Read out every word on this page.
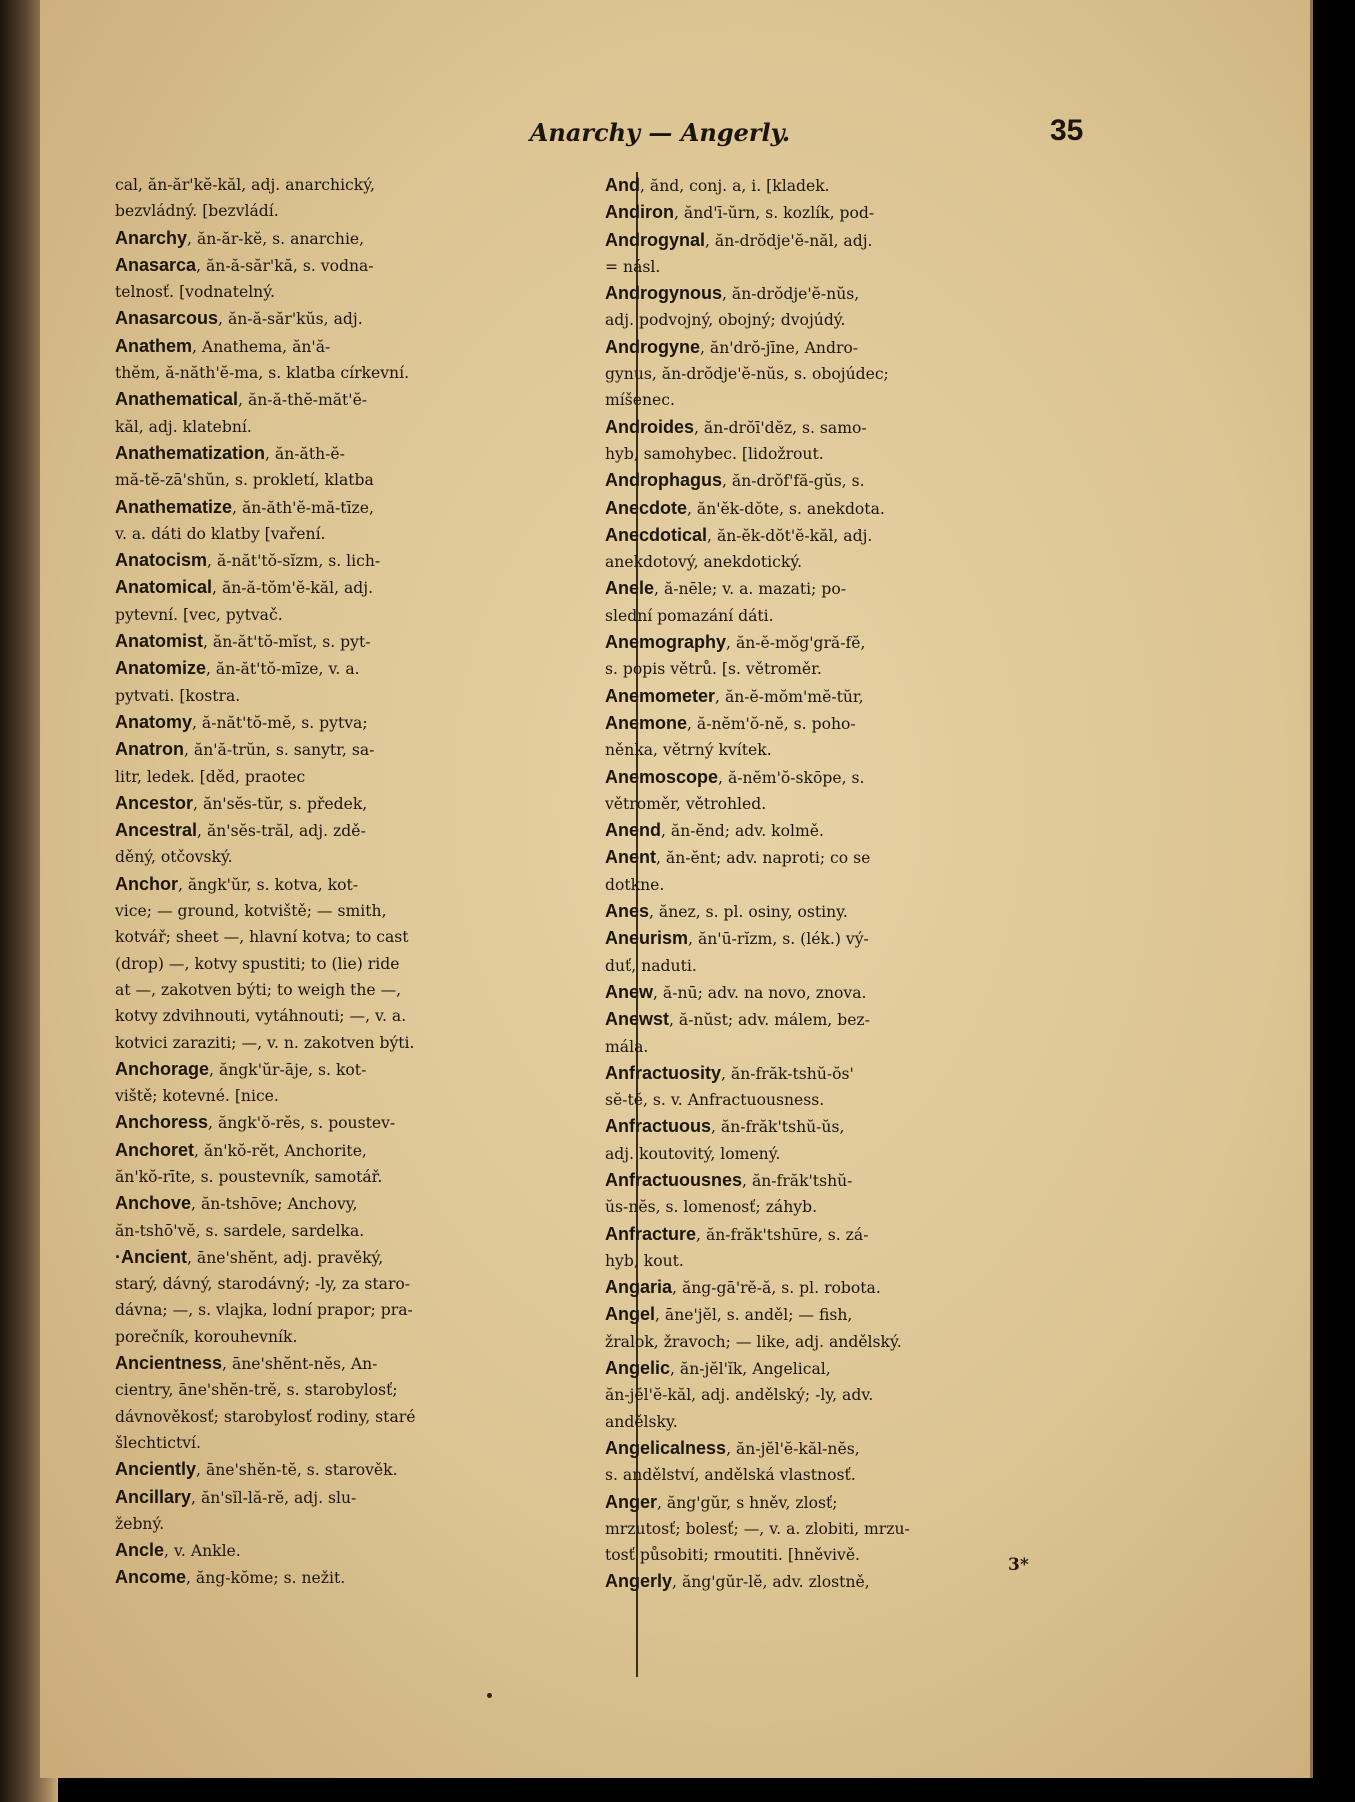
Anarchy — Angerly.	35
3*
cal, ăn-ăr'kĕ-kăl, adj. anarchický,
bezvládný. [bezvládí.
Anarchy, ăn-ăr-kĕ, s. anarchie,
Anasarca, ăn-ă-săr'kă, s. vodna-
telnosť. [vodnatelný.
Anasarcous, ăn-ă-săr'kŭs, adj.
Anathem, Anathema, ăn'ă-
thĕm, ă-năth'ĕ-ma, s. klatba církevní.
Anathematical, ăn-ă-thĕ-măt'ĕ-
kăl, adj. klatební.
Anathematization, ăn-ăth-ĕ-
mă-tĕ-zā'shŭn, s. prokletí, klatba
Anathematize, ăn-ăth'ĕ-mă-tīze,
v. a. dáti do klatby [vaření.
Anatocism, ă-năt'tŏ-sĭzm, s. lich-
Anatomical, ăn-ă-tŏm'ĕ-kăl, adj.
pytevní. [vec, pytvač.
Anatomist, ăn-ăt'tŏ-mĭst, s. pyt-
Anatomize, ăn-ăt'tŏ-mīze, v. a.
pytvati. [kostra.
Anatomy, ă-năt'tŏ-mĕ, s. pytva;
Anatron, ăn'ă-trŭn, s. sanytr, sa-
litr, ledek. [děd, praotec
Ancestor, ăn'sĕs-tŭr, s. předek,
Ancestral, ăn'sĕs-trăl, adj. zdě-
děný, otčovský.
Anchor, ăngk'ŭr, s. kotva, kot-
vice; — ground, kotviště; — smith,
kotvář; sheet —, hlavní kotva; to cast
(drop) —, kotvy spustiti; to (lie) ride
at —, zakotven býti; to weigh the —,
kotvy zdvihnouti, vytáhnouti; —, v. a.
kotvici zaraziti; —, v. n. zakotven býti.
Anchorage, ăngk'ŭr-āje, s. kot-
viště; kotevné. [nice.
Anchoress, ăngk'ŏ-rĕs, s. poustev-
Anchoret, ăn'kŏ-rĕt, Anchorite,
ăn'kŏ-rīte, s. poustevník, samotář.
Anchove, ăn-tshōve; Anchovy,
ăn-tshō'vĕ, s. sardele, sardelka.
·Ancient, āne'shĕnt, adj. pravěký,
starý, dávný, starodávný; -ly, za staro-
dávna; —, s. vlajka, lodní prapor; pra-
porečník, korouhevník.
Ancientness, āne'shĕnt-nĕs, An-
cientry, āne'shĕn-trĕ, s. starobylosť;
dávnověkosť; starobylosť rodiny, staré
šlechtictví.
Anciently, āne'shĕn-tĕ, s. starověk.
Ancillary, ăn'sĭl-lă-rĕ, adj. slu-
žebný.
Ancle, v. Ankle.
Ancome, ăng-kŏme; s. nežit.
And, ănd, conj. a, i. [kladek.
Andiron, ănd'ī-ŭrn, s. kozlík, pod-
Androgynal, ăn-drŏdje'ĕ-năl, adj.
= násl.
Androgynous, ăn-drŏdje'ĕ-nŭs,
adj. podvojný, obojný; dvojúdý.
Androgyne, ăn'drŏ-jīne, Andro-
gynus, ăn-drŏdje'ĕ-nŭs, s. obojúdec;
míšenec.
Androides, ăn-drŏī'dĕz, s. samo-
hyb, samohybec. [lidožrout.
Androphagus, ăn-drŏf'fă-gŭs, s.
Anecdote, ăn'ĕk-dŏte, s. anekdota.
Anecdotical, ăn-ĕk-dŏt'ĕ-kăl, adj.
anekdotový, anekdotický.
Anele, ă-nēle; v. a. mazati; po-
slední pomazání dáti.
Anemography, ăn-ĕ-mŏg'gră-fĕ,
s. popis větrů. [s. větroměr.
Anemometer, ăn-ĕ-mŏm'mĕ-tŭr,
Anemone, ă-nĕm'ŏ-nĕ, s. poho-
něnka, větrný kvítek.
Anemoscope, ă-nĕm'ŏ-skōpe, s.
větroměr, větrohled.
Anend, ăn-ĕnd; adv. kolmě.
Anent, ăn-ĕnt; adv. naproti; co se
dotkne.
Anes, ănez, s. pl. osiny, ostiny.
Aneurism, ăn'ū-rĭzm, s. (lék.) vý-
duť, naduti.
Anew, ă-nū; adv. na novo, znova.
Anewst, ă-nŭst; adv. málem, bez-
mála.
Anfractuosity, ăn-frăk-tshŭ-ŏs'
sĕ-tĕ, s. v. Anfractuousness.
Anfractuous, ăn-frăk'tshŭ-ŭs,
adj. koutovitý, lomený.
Anfractuousnes, ăn-frăk'tshŭ-
ŭs-nĕs, s. lomenosť; záhyb.
Anfracture, ăn-frăk'tshūre, s. zá-
hyb, kout.
Angaria, ăng-gā'rĕ-ă, s. pl. robota.
Angel, āne'jĕl, s. anděl; — fish,
žralok, žravoch; — like, adj. andělský.
Angelic, ăn-jĕl'ĭk, Angelical,
ăn-jĕl'ĕ-kăl, adj. andělský; -ly, adv.
andělsky.
Angelicalness, ăn-jĕl'ĕ-kăl-nĕs,
s. andělství, andělská vlastnosť.
Anger, ăng'gŭr, s hněv, zlosť;
mrzutosť; bolesť; —, v. a. zlobiti, mrzu-
tosť působiti; rmoutiti. [hněvivě.
Angerly, ăng'gŭr-lĕ, adv. zlostně,
